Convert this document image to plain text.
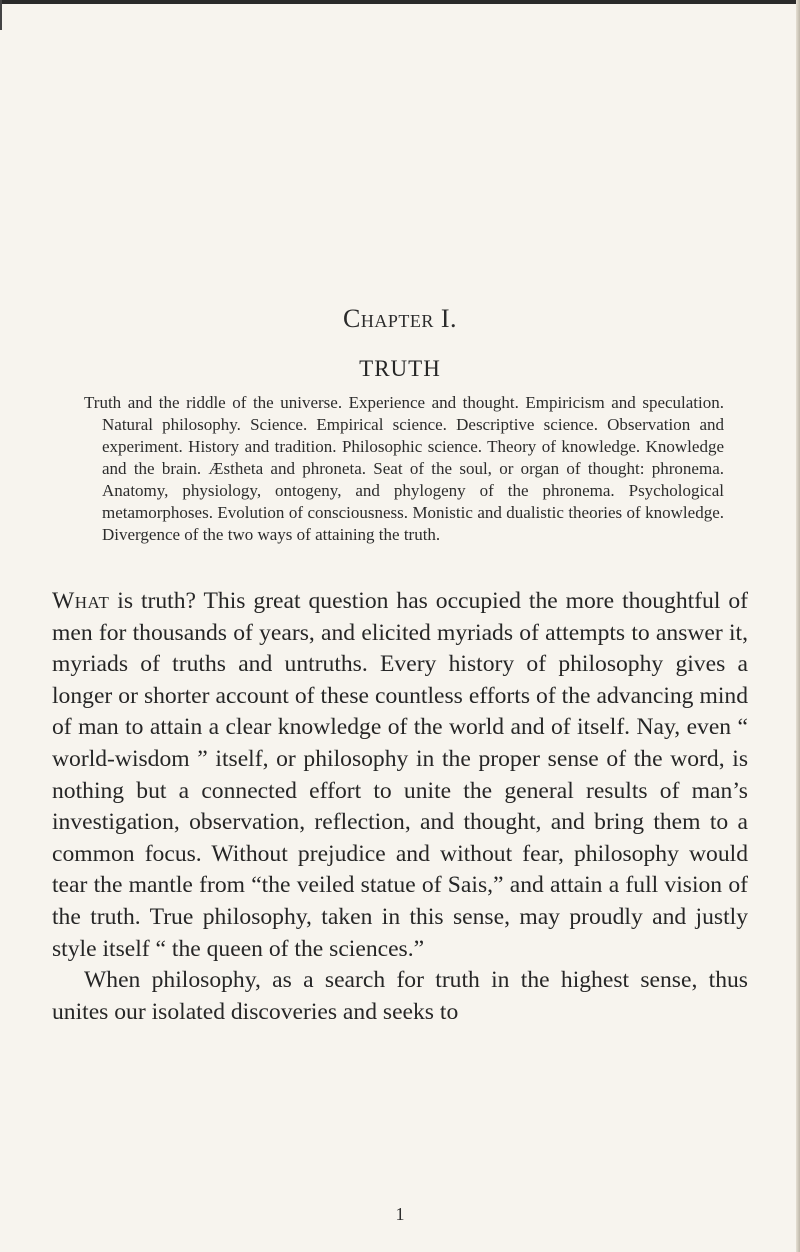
Chapter I.
TRUTH

Truth and the riddle of the universe. Experience and thought. Empiricism and speculation. Natural philosophy. Science. Empirical science. Descriptive science. Observation and experiment. History and tradition. Philosophic science. Theory of knowledge. Knowledge and the brain. Æstheta and phroneta. Seat of the soul, or organ of thought: phronema. Anatomy, physiology, ontogeny, and phylogeny of the phronema. Psychological metamorphoses. Evolution of consciousness. Monistic and dualistic theories of knowledge. Divergence of the two ways of attaining the truth.

What is truth? This great question has occupied the more thoughtful of men for thousands of years, and elicited myriads of attempts to answer it, myriads of truths and untruths. Every history of philosophy gives a longer or shorter account of these countless efforts of the advancing mind of man to attain a clear knowledge of the world and of itself. Nay, even “ world-wisdom ” itself, or philosophy in the proper sense of the word, is nothing but a connected effort to unite the general results of man’s investigation, observation, reflection, and thought, and bring them to a common focus. Without prejudice and without fear, philosophy would tear the mantle from “the veiled statue of Sais,” and attain a full vision of the truth. True philosophy, taken in this sense, may proudly and justly style itself “ the queen of the sciences.”

When philosophy, as a search for truth in the highest sense, thus unites our isolated discoveries and seeks to

1
